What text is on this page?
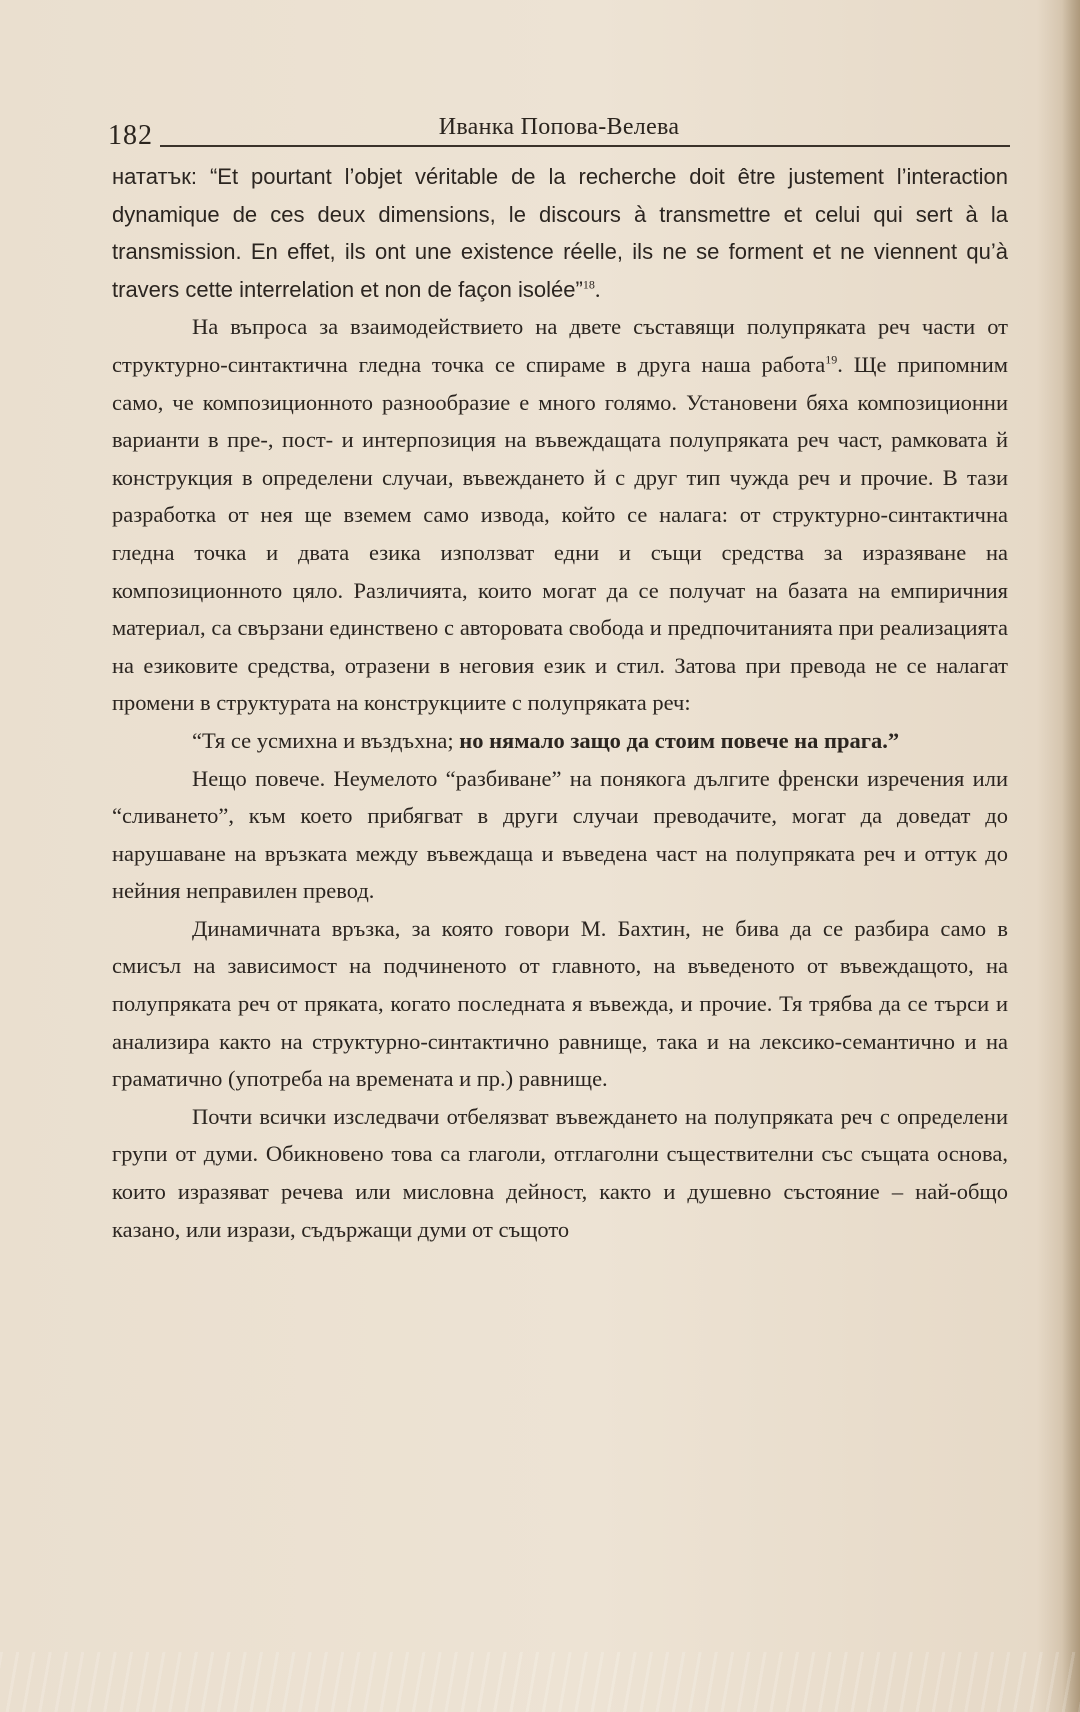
182	Иванка Попова-Велева

нататък: “Et pourtant l’objet véritable de la recherche doit être justement l’interaction dynamique de ces deux dimensions, le discours à transmettre et celui qui sert à la transmission. En effet, ils ont une existence réelle, ils ne se forment et ne viennent qu’à travers cette interrelation et non de façon isolée”$^{18}$.

На въпроса за взаимодействието на двете съставящи полупряката реч части от структурно-синтактична гледна точка се спираме в друга наша работа$^{19}$. Ще припомним само, че композиционното разнообразие е много голямо. Установени бяха композиционни варианти в пре-, пост- и интерпозиция на въвеждащата полупряката реч част, рамковата й конструкция в определени случаи, въвеждането й с друг тип чужда реч и прочие. В тази разработка от нея ще вземем само извода, който се налага: от структурно-синтактична гледна точка и двата езика използват едни и същи средства за изразяване на композиционното цяло. Различията, които могат да се получат на базата на емпиричния материал, са свързани единствено с авторовата свобода и предпочитанията при реализацията на езиковите средства, отразени в неговия език и стил. Затова при превода не се налагат промени в структурата на конструкциите с полупряката реч:

“Тя се усмихна и въздъхна; но нямало защо да стоим повече на прага.”

Нещо повече. Неумелото “разбиване” на понякога дългите френски изречения или “сливането”, към което прибягват в други случаи преводачите, могат да доведат до нарушаване на връзката между въвеждаща и въведена част на полупряката реч и оттук до нейния неправилен превод.

Динамичната връзка, за която говори М. Бахтин, не бива да се разбира само в смисъл на зависимост на подчиненото от главното, на въведеното от въвеждащото, на полупряката реч от пряката, когато последната я въвежда, и прочие. Тя трябва да се търси и анализира както на структурно-синтактично равнище, така и на лексико-семантично и на граматично (употреба на времената и пр.) равнище.

Почти всички изследвачи отбелязват въвеждането на полупряката реч с определени групи от думи. Обикновено това са глаголи, отглаголни съществителни със същата основа, които изразяват речева или мисловна дейност, както и душевно състояние – най-общо казано, или изрази, съдържащи думи от същото
